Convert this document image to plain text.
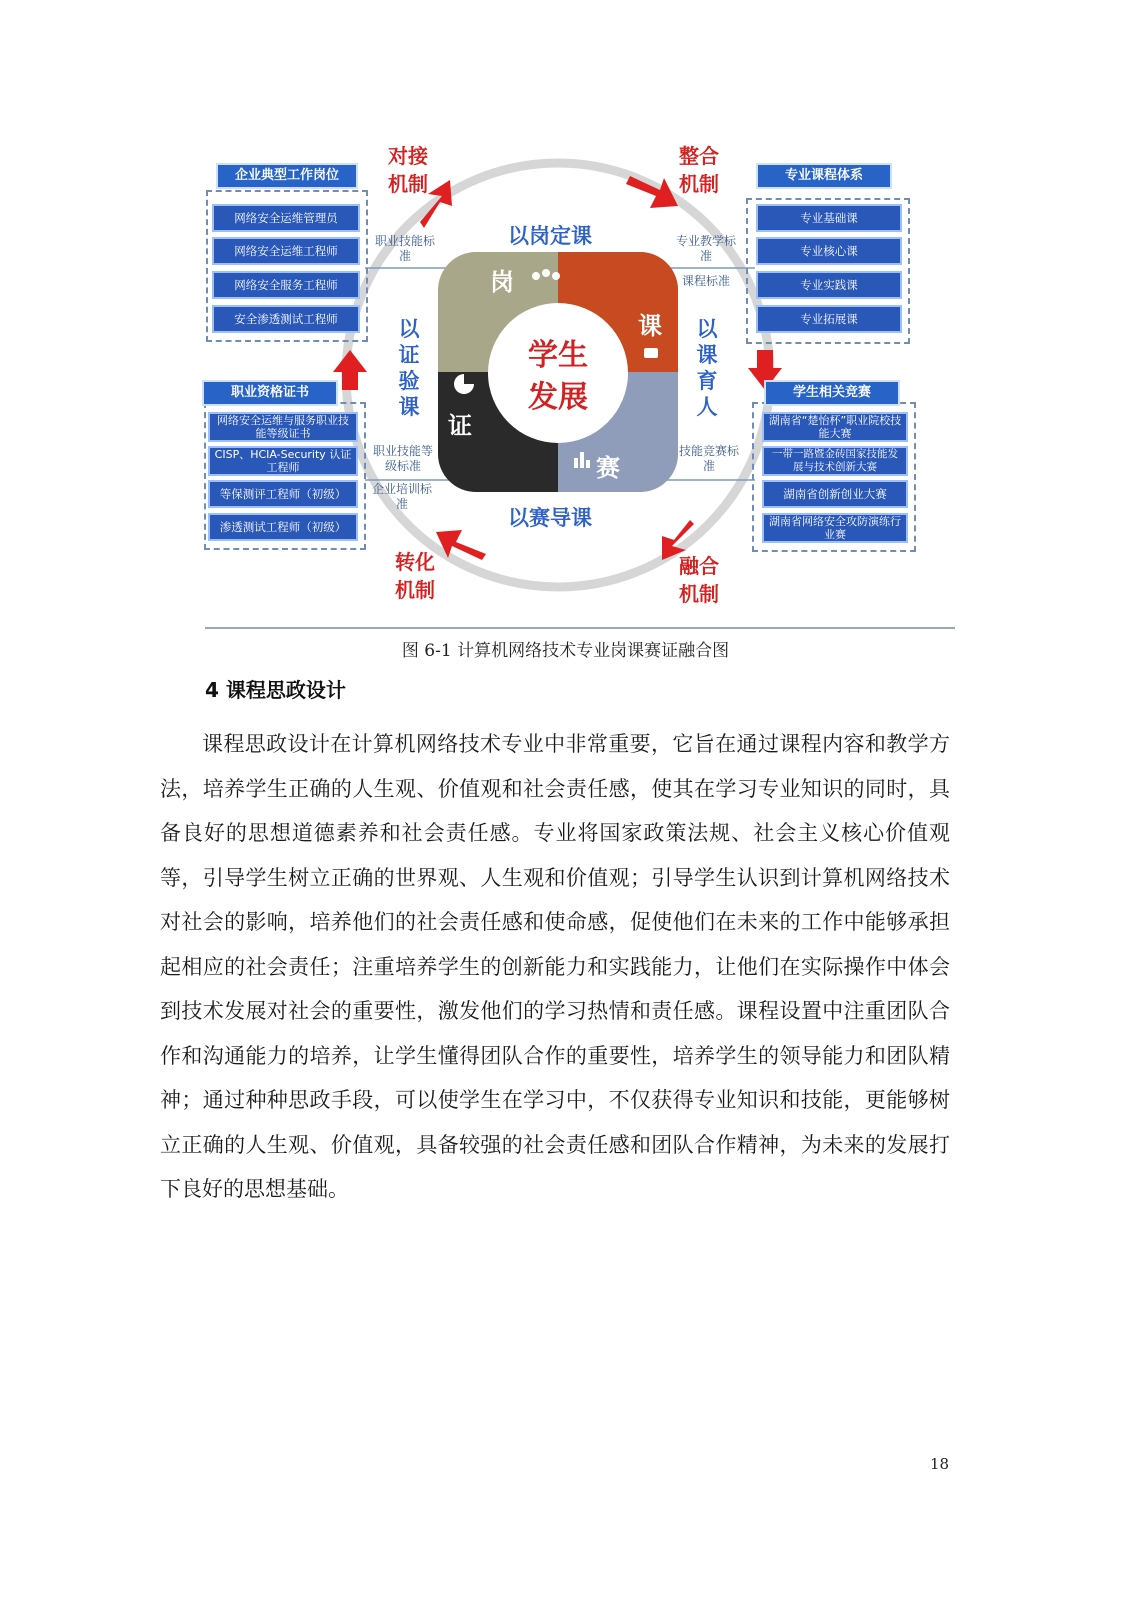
企业典型工作岗位
网络安全运维管理员
网络安全运维工程师
网络安全服务工程师
安全渗透测试工程师
职业资格证书
网络安全运维与服务职业技能等级证书
CISP、HCIA-Security 认证工程师
等保测评工程师（初级）
渗透测试工程师（初级）
专业课程体系
专业基础课
专业核心课
专业实践课
专业拓展课
学生相关竞赛
湖南省“楚怡杯”职业院校技能大赛
一带一路暨金砖国家技能发展与技术创新大赛
湖南省创新创业大赛
湖南省网络安全攻防演练行业赛
对接机制
整合机制
转化机制
融合机制
职业技能标准
专业教学标准
课程标准
职业技能等级标准
企业培训标准
技能竞赛标准
以岗定课
以赛导课
以课育人
以证验课
岗
课
赛
证
学生发展
图 6-1 计算机网络技术专业岗课赛证融合图
4 课程思政设计
课程思政设计在计算机网络技术专业中非常重要，它旨在通过课程内容和教学方法，培养学生正确的人生观、价值观和社会责任感，使其在学习专业知识的同时，具备良好的思想道德素养和社会责任感。专业将国家政策法规、社会主义核心价值观等，引导学生树立正确的世界观、人生观和价值观；引导学生认识到计算机网络技术对社会的影响，培养他们的社会责任感和使命感，促使他们在未来的工作中能够承担起相应的社会责任；注重培养学生的创新能力和实践能力，让他们在实际操作中体会到技术发展对社会的重要性，激发他们的学习热情和责任感。课程设置中注重团队合作和沟通能力的培养，让学生懂得团队合作的重要性，培养学生的领导能力和团队精神；通过种种思政手段，可以使学生在学习中，不仅获得专业知识和技能，更能够树立正确的人生观、价值观，具备较强的社会责任感和团队合作精神，为未来的发展打下良好的思想基础。
18
